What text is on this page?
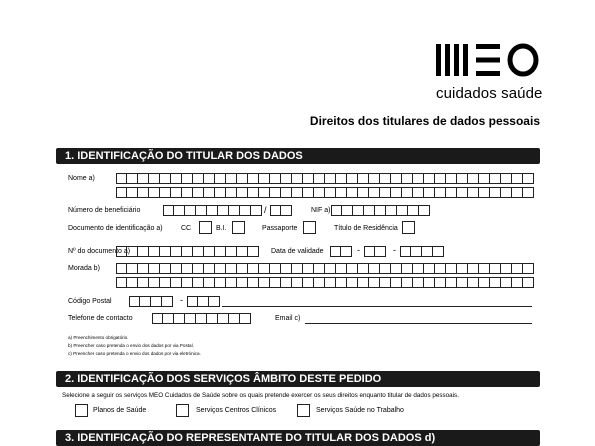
cuidados saúde
Direitos dos titulares de dados pessoais
1. IDENTIFICAÇÃO DO TITULAR DOS DADOS
Nome a)
Número de beneficiário	/	NIF a)
Documento de identificação a)	CC	B.I.	Passaporte	Título de Residência
Nº do documento a)	Data de validade	-	-
Morada b)
Código Postal	-
Telefone de contacto	Email c)
a) Preenchimento obrigatório.
b) Preencher caso pretenda o envio dos dados por via Postal.
c) Preencher caso pretenda o envio dos dados por via eletrónica.
2. IDENTIFICAÇÃO DOS SERVIÇOS ÂMBITO DESTE PEDIDO
Selecione a seguir os serviços MEO Cuidados de Saúde sobre os quais pretende exercer os seus direitos enquanto titular de dados pessoais.
Planos de Saúde	Serviços Centros Clínicos	Serviços Saúde no Trabalho
3. IDENTIFICAÇÃO DO REPRESENTANTE DO TITULAR DOS DADOS d)
